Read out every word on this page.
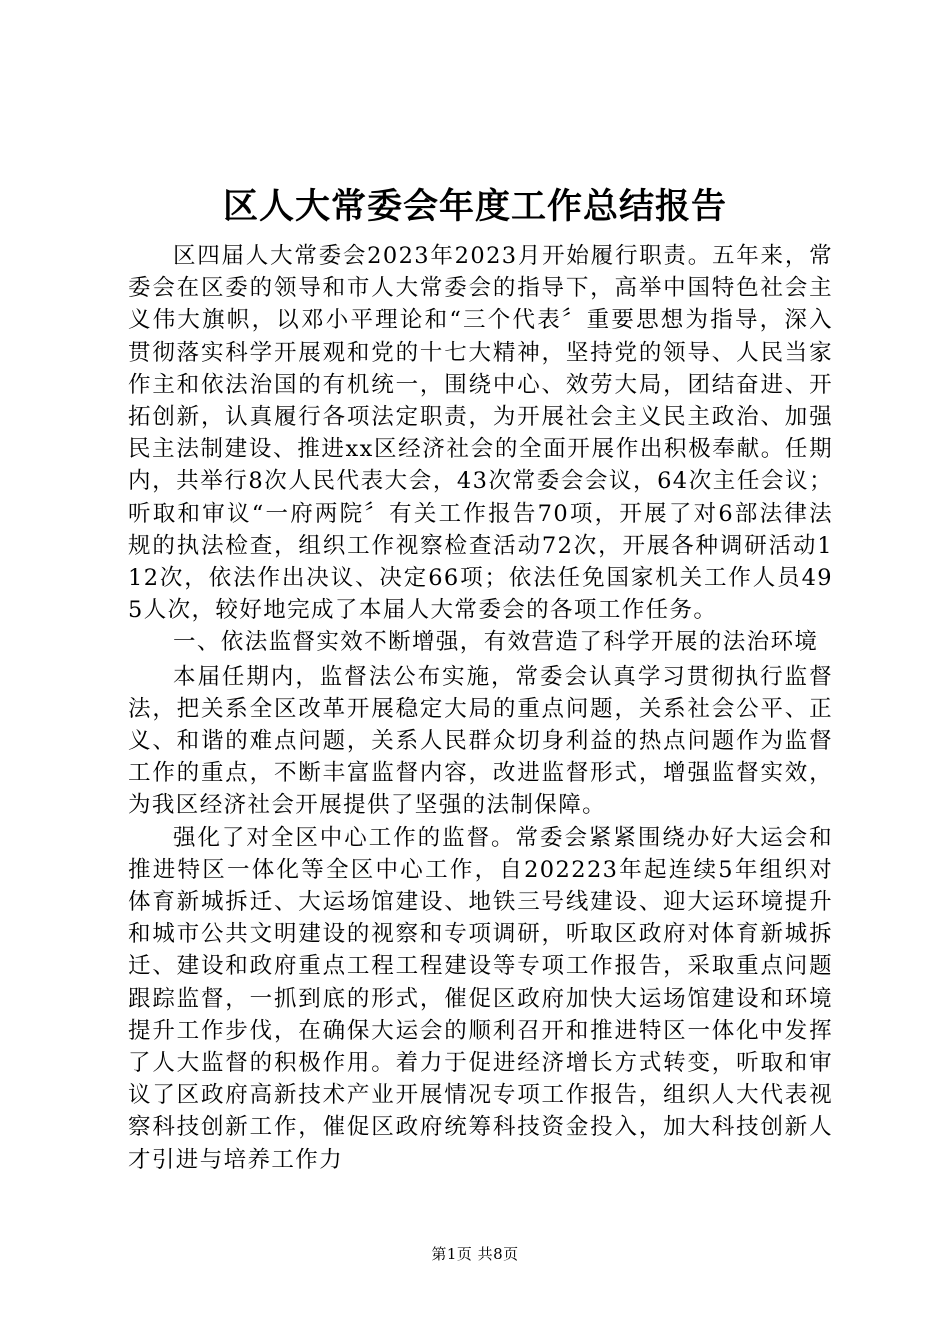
区人大常委会年度工作总结报告

区四届人大常委会2023年2023月开始履行职责。五年来，常委会在区委的领导和市人大常委会的指导下，高举中国特色社会主义伟大旗帜，以邓小平理论和“三个代表〞重要思想为指导，深入贯彻落实科学开展观和党的十七大精神，坚持党的领导、人民当家作主和依法治国的有机统一，围绕中心、效劳大局，团结奋进、开拓创新，认真履行各项法定职责，为开展社会主义民主政治、加强民主法制建设、推进xx区经济社会的全面开展作出积极奉献。任期内，共举行8次人民代表大会，43次常委会会议，64次主任会议；听取和审议“一府两院〞有关工作报告70项，开展了对6部法律法规的执法检查，组织工作视察检查活动72次，开展各种调研活动112次，依法作出决议、决定66项；依法任免国家机关工作人员495人次，较好地完成了本届人大常委会的各项工作任务。

一、依法监督实效不断增强，有效营造了科学开展的法治环境

本届任期内，监督法公布实施，常委会认真学习贯彻执行监督法，把关系全区改革开展稳定大局的重点问题，关系社会公平、正义、和谐的难点问题，关系人民群众切身利益的热点问题作为监督工作的重点，不断丰富监督内容，改进监督形式，增强监督实效，为我区经济社会开展提供了坚强的法制保障。

强化了对全区中心工作的监督。常委会紧紧围绕办好大运会和推进特区一体化等全区中心工作，自202223年起连续5年组织对体育新城拆迁、大运场馆建设、地铁三号线建设、迎大运环境提升和城市公共文明建设的视察和专项调研，听取区政府对体育新城拆迁、建设和政府重点工程工程建设等专项工作报告，采取重点问题跟踪监督，一抓到底的形式，催促区政府加快大运场馆建设和环境提升工作步伐，在确保大运会的顺利召开和推进特区一体化中发挥了人大监督的积极作用。着力于促进经济增长方式转变，听取和审议了区政府高新技术产业开展情况专项工作报告，组织人大代表视察科技创新工作，催促区政府统筹科技资金投入，加大科技创新人才引进与培养工作力

第1页 共8页
